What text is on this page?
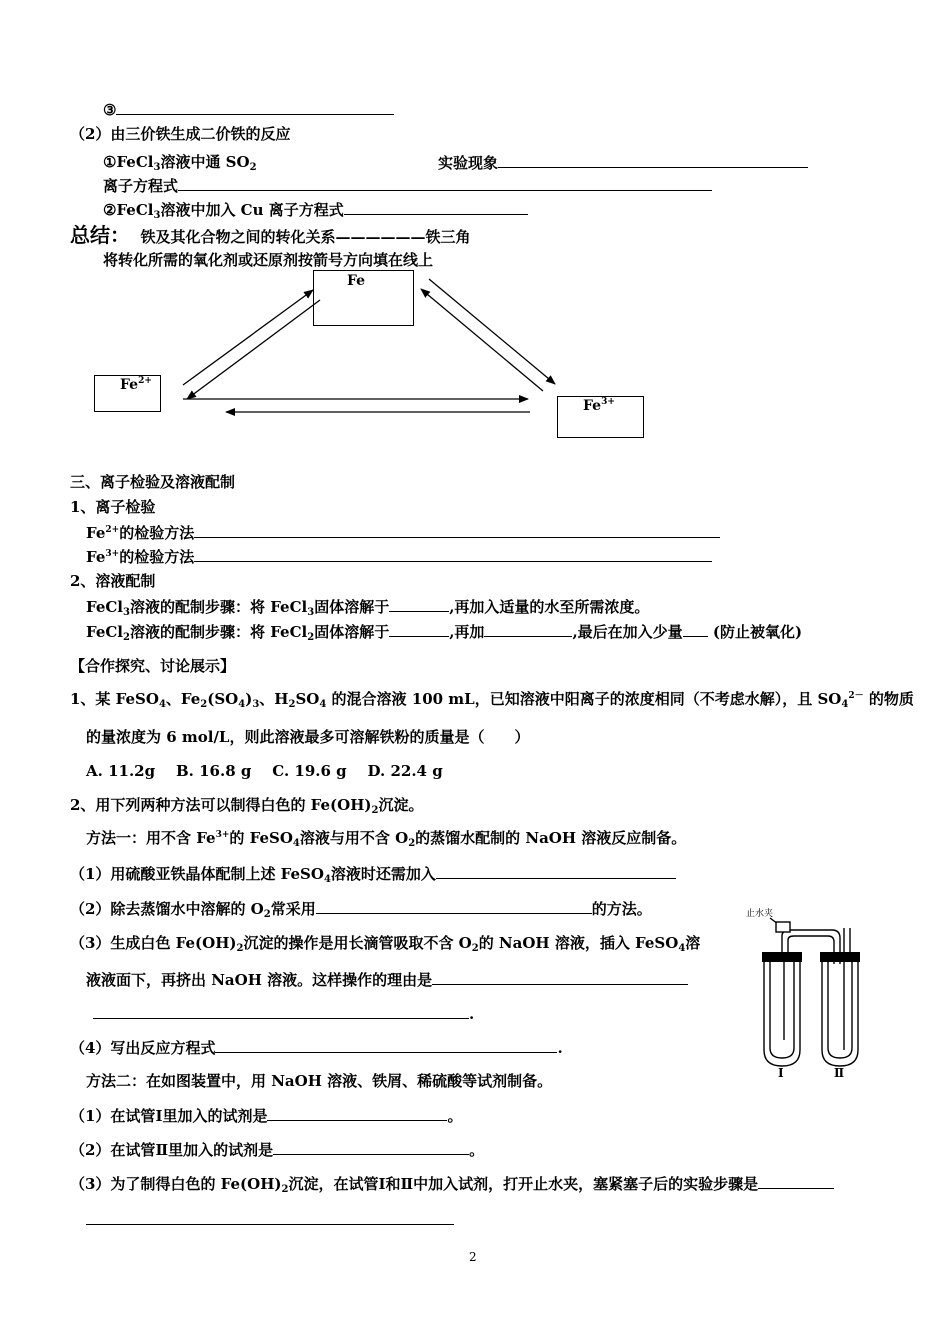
③
（2）由三价铁生成二价铁的反应
①FeCl$_3$溶液中通 $SO_2$	实验现象
离子方程式
②FeCl$_3$溶液中加入 Cu 离子方程式
总结： 铁及其化合物之间的转化关系——————铁三角
将转化所需的氧化剂或还原剂按箭号方向填在线上
Fe
$Fe^{2+}$
$Fe^{3+}$
三、离子检验及溶液配制
1、离子检验
$Fe^{2+}$的检验方法
$Fe^{3+}$的检验方法
2、溶液配制
FeCl$_3$溶液的配制步骤：将 FeCl$_3$固体溶解于	,再加入适量的水至所需浓度。
FeCl$_2$溶液的配制步骤：将 FeCl$_2$固体溶解于	,再加	,最后在加入少量 (防止被氧化)
【合作探究、讨论展示】
1、某 FeSO$_4$、$Fe_2(SO_4)_3$、$H_2SO_4$ 的混合溶液 100 mL，已知溶液中阳离子的浓度相同（不考虑水解），且 $SO_4^{2-}$ 的物质
的量浓度为 6 mol/L，则此溶液最多可溶解铁粉的质量是（　　）
A. 11.2g B. 16.8 g C. 19.6 g D. 22.4 g
2、用下列两种方法可以制得白色的 $Fe(OH)_2$沉淀。
方法一：用不含 $Fe^{3+}$的 FeSO$_4$溶液与用不含 $O_2$的蒸馏水配制的 NaOH 溶液反应制备。
（1）用硫酸亚铁晶体配制上述 FeSO$_4$溶液时还需加入
（2）除去蒸馏水中溶解的 $O_2$常采用	的方法。
（3）生成白色 $Fe(OH)_2$沉淀的操作是用长滴管吸取不含 $O_2$的 NaOH 溶液，插入 FeSO$_4$溶
液液面下，再挤出 NaOH 溶液。这样操作的理由是
.
（4）写出反应方程式	.
方法二：在如图装置中，用 NaOH 溶液、铁屑、稀硫酸等试剂制备。
（1）在试管Ⅰ里加入的试剂是	。
（2）在试管Ⅱ里加入的试剂是	。
（3）为了制得白色的 $Fe(OH)_2$沉淀，在试管Ⅰ和Ⅱ中加入试剂，打开止水夹，塞紧塞子后的实验步骤是
止水夹
Ⅰ	Ⅱ
2
